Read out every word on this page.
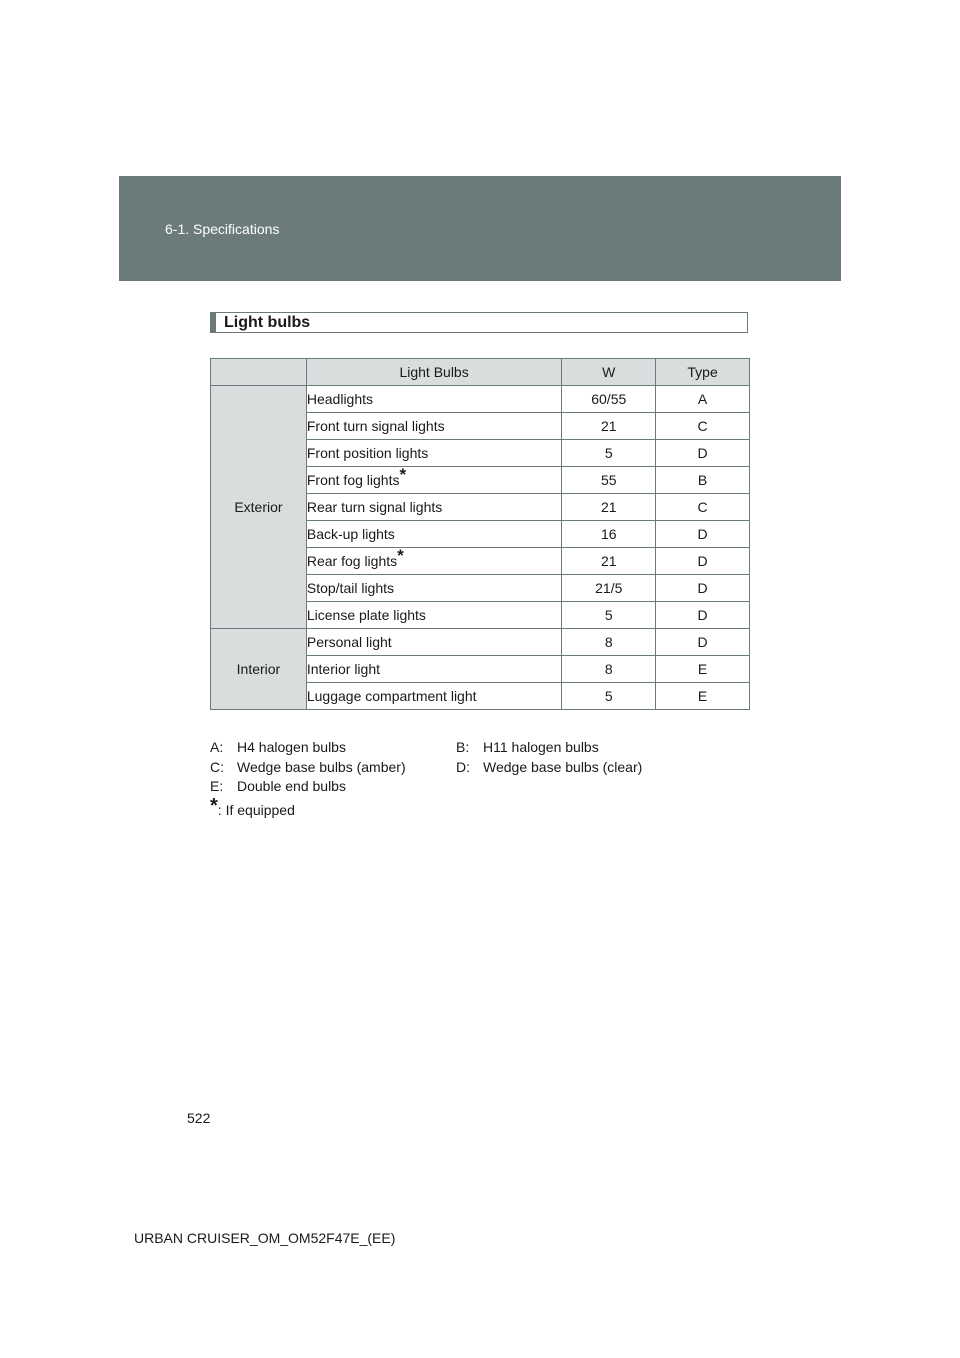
6-1. Specifications
Light bulbs
	Light Bulbs	W	Type
Exterior	Headlights	60/55	A
	Front turn signal lights	21	C
	Front position lights	5	D
	Front fog lights*	55	B
	Rear turn signal lights	21	C
	Back-up lights	16	D
	Rear fog lights*	21	D
	Stop/tail lights	21/5	D
	License plate lights	5	D
Interior	Personal light	8	D
	Interior light	8	E
	Luggage compartment light	5	E
A: H4 halogen bulbs	B: H11 halogen bulbs
C: Wedge base bulbs (amber)	D: Wedge base bulbs (clear)
E: Double end bulbs
*: If equipped
522
URBAN CRUISER_OM_OM52F47E_(EE)
